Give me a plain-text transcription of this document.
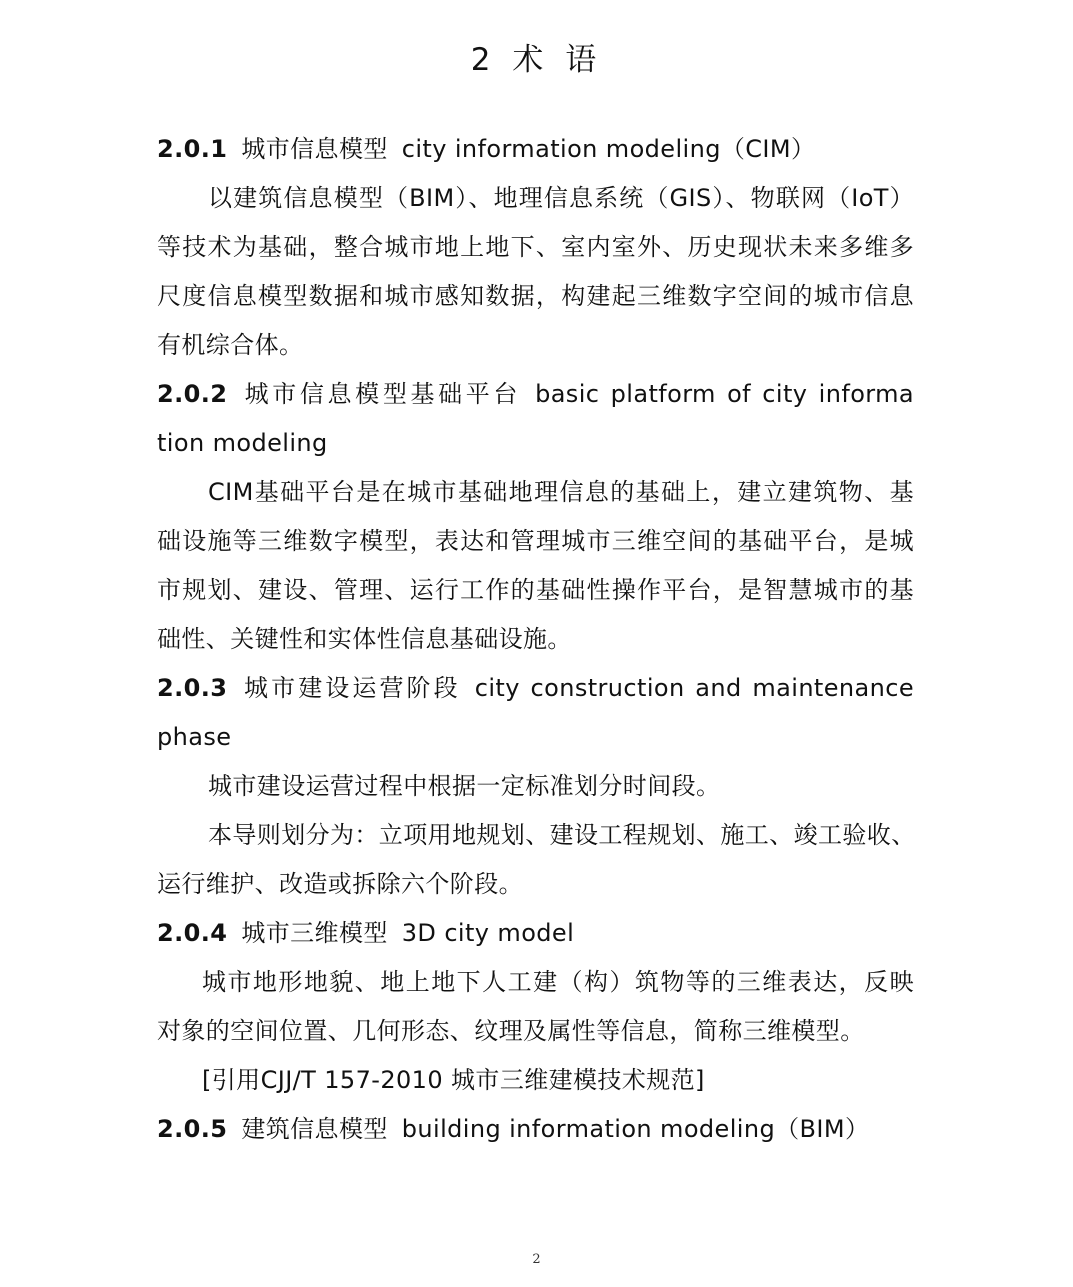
2 术 语
2.0.1 城市信息模型 city information modeling（CIM）
以建筑信息模型（BIM）、地理信息系统（GIS）、物联网（IoT）
等技术为基础，整合城市地上地下、室内室外、历史现状未来多维多
尺度信息模型数据和城市感知数据，构建起三维数字空间的城市信息
有机综合体。
2.0.2 城市信息模型基础平台 basic platform of city informa
tion modeling
CIM基础平台是在城市基础地理信息的基础上，建立建筑物、基
础设施等三维数字模型，表达和管理城市三维空间的基础平台，是城
市规划、建设、管理、运行工作的基础性操作平台，是智慧城市的基
础性、关键性和实体性信息基础设施。
2.0.3 城市建设运营阶段 city construction and maintenance
phase
城市建设运营过程中根据一定标准划分时间段。
本导则划分为：立项用地规划、建设工程规划、施工、竣工验收、
运行维护、改造或拆除六个阶段。
2.0.4 城市三维模型 3D city model
城市地形地貌、地上地下人工建（构）筑物等的三维表达，反映
对象的空间位置、几何形态、纹理及属性等信息，简称三维模型。
[引用CJJ/T 157-2010 城市三维建模技术规范]
2.0.5 建筑信息模型 building information modeling（BIM）
2
